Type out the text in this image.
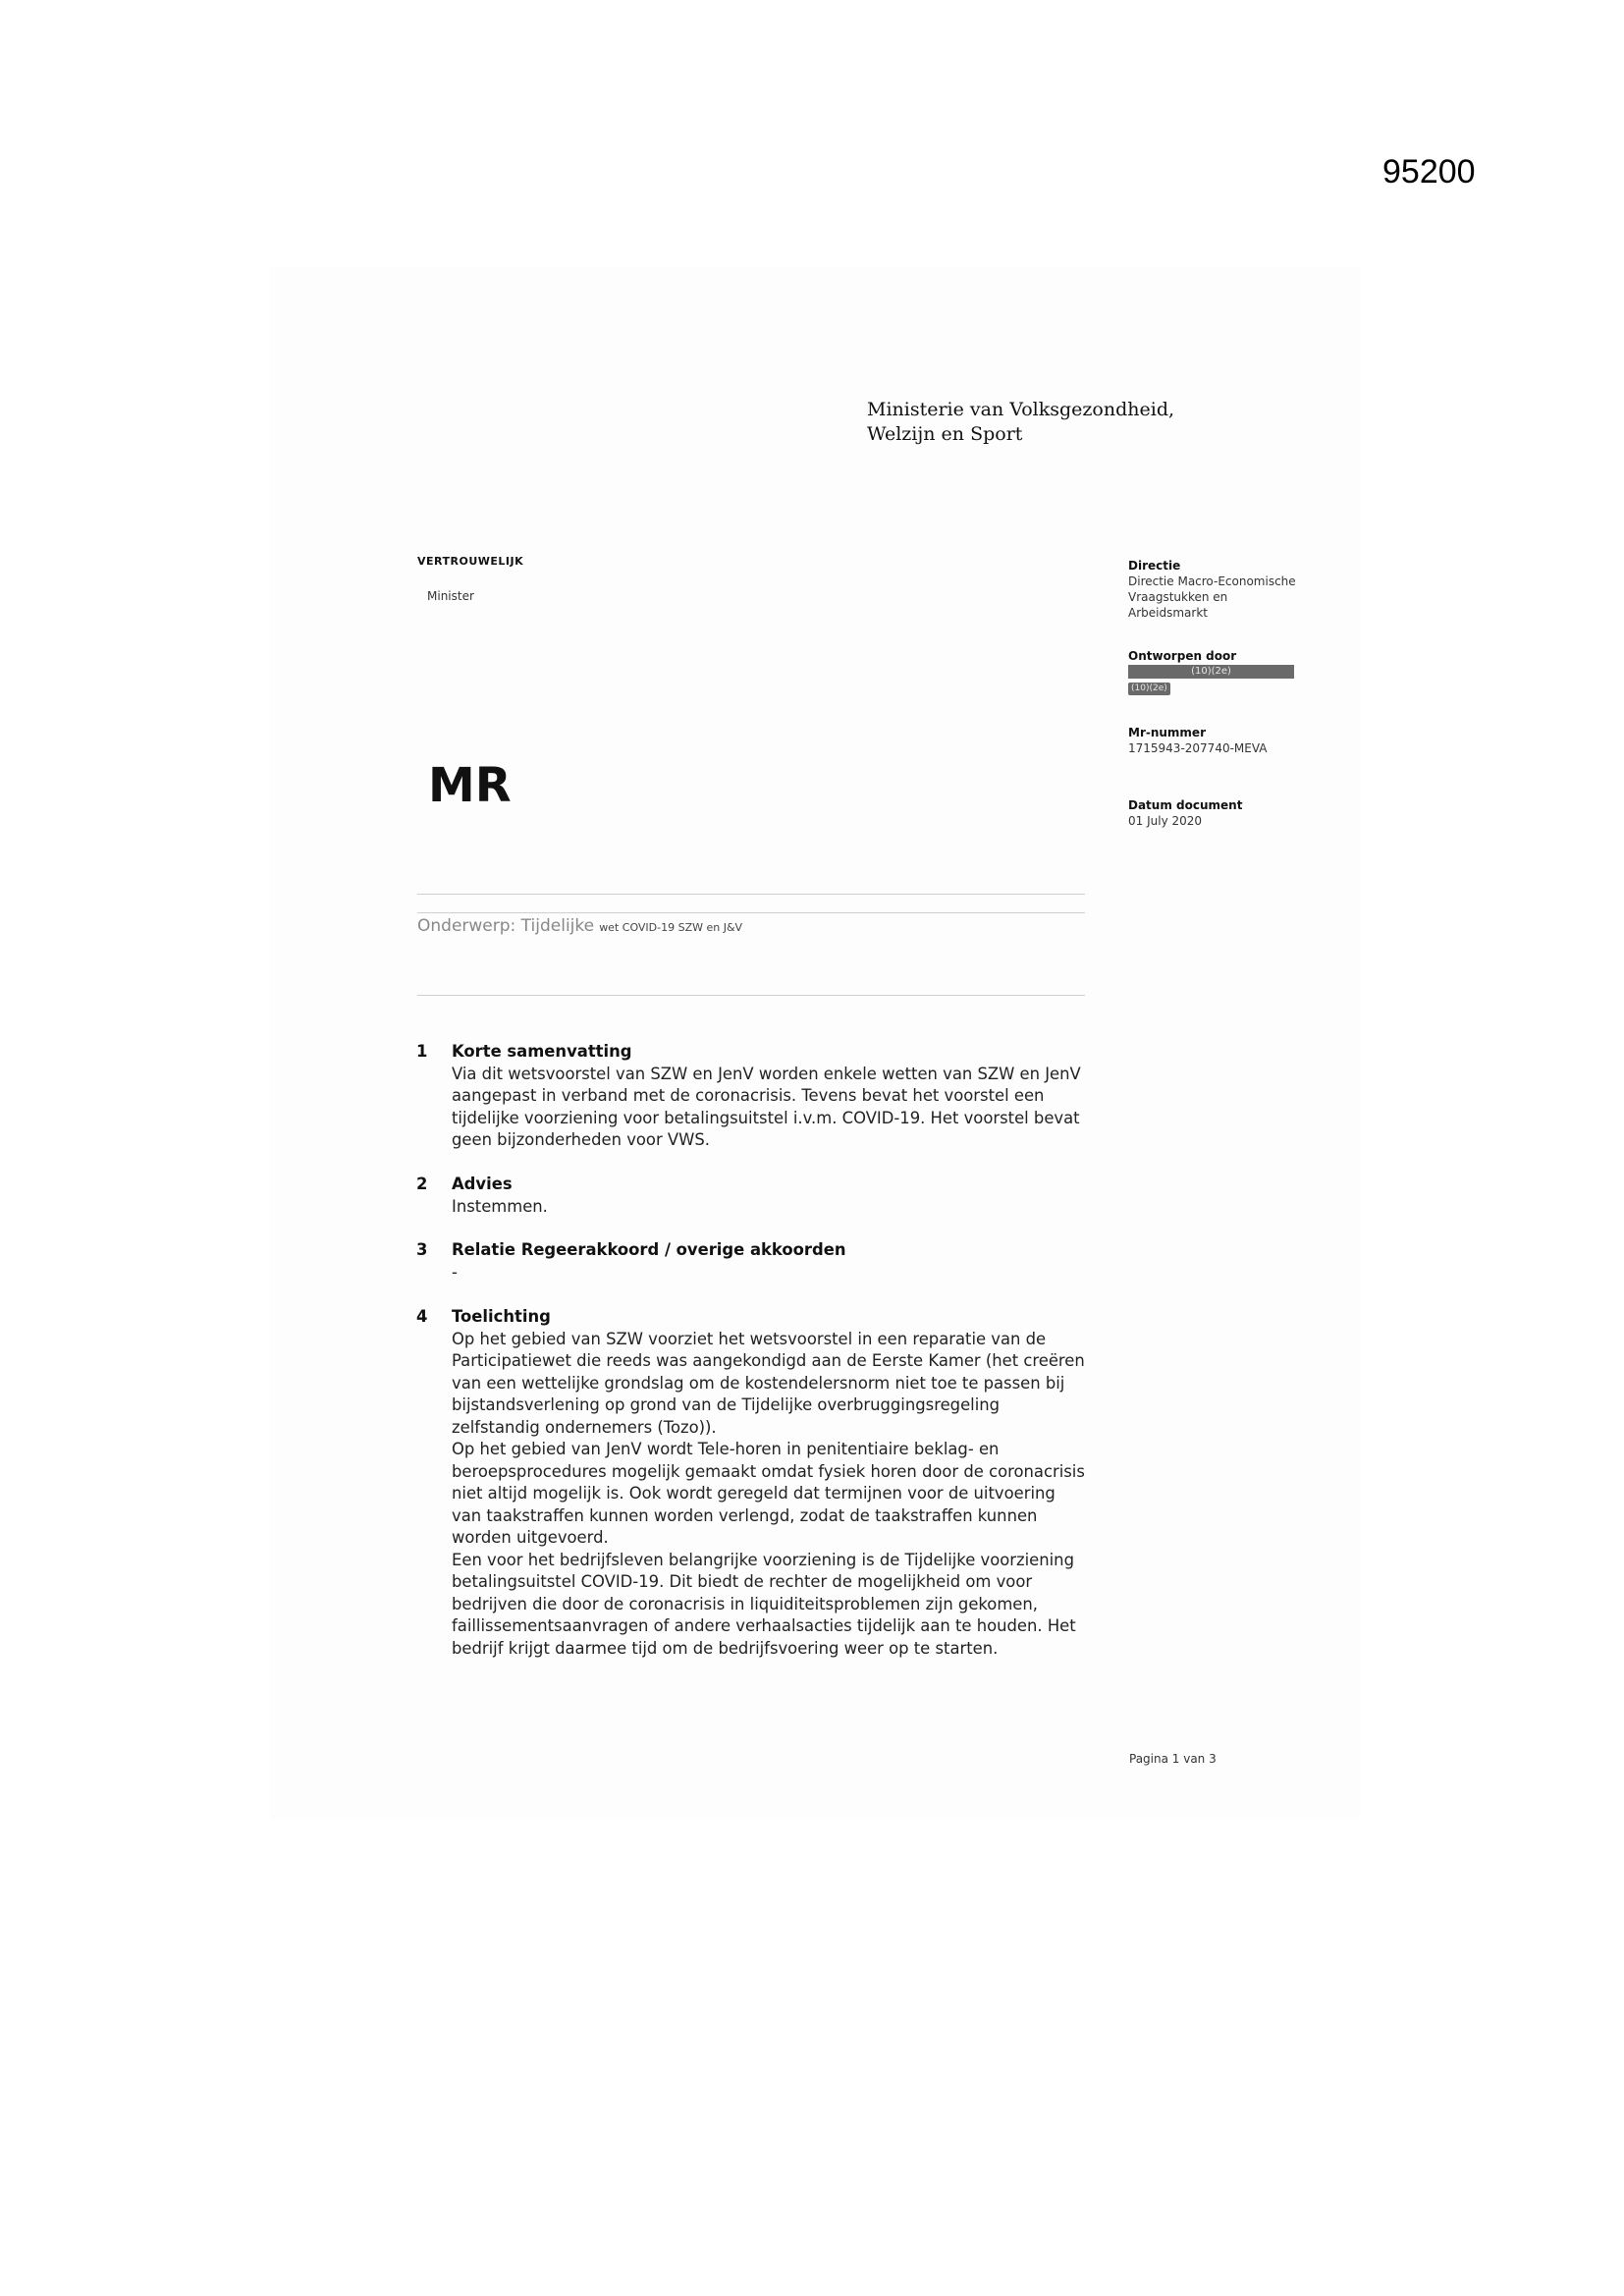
95200
Ministerie van Volksgezondheid,
Welzijn en Sport
VERTROUWELIJK
Minister
MR
Directie
Directie Macro-Economische
Vraagstukken en
Arbeidsmarkt
Ontworpen door
(10)(2e)
(10)(2e)
Mr-nummer
1715943-207740-MEVA
Datum document
01 July 2020
Onderwerp: Tijdelijke wet COVID-19 SZW en J&V
1 Korte samenvatting
Via dit wetsvoorstel van SZW en JenV worden enkele wetten van SZW en JenV
aangepast in verband met de coronacrisis. Tevens bevat het voorstel een
tijdelijke voorziening voor betalingsuitstel i.v.m. COVID-19. Het voorstel bevat
geen bijzonderheden voor VWS.
2 Advies
Instemmen.
3 Relatie Regeerakkoord / overige akkoorden
-
4 Toelichting
Op het gebied van SZW voorziet het wetsvoorstel in een reparatie van de
Participatiewet die reeds was aangekondigd aan de Eerste Kamer (het creëren
van een wettelijke grondslag om de kostendelersnorm niet toe te passen bij
bijstandsverlening op grond van de Tijdelijke overbruggingsregeling
zelfstandig ondernemers (Tozo)).
Op het gebied van JenV wordt Tele-horen in penitentiaire beklag- en
beroepsprocedures mogelijk gemaakt omdat fysiek horen door de coronacrisis
niet altijd mogelijk is. Ook wordt geregeld dat termijnen voor de uitvoering
van taakstraffen kunnen worden verlengd, zodat de taakstraffen kunnen
worden uitgevoerd.
Een voor het bedrijfsleven belangrijke voorziening is de Tijdelijke voorziening
betalingsuitstel COVID-19. Dit biedt de rechter de mogelijkheid om voor
bedrijven die door de coronacrisis in liquiditeitsproblemen zijn gekomen,
faillissementsaanvragen of andere verhaalsacties tijdelijk aan te houden. Het
bedrijf krijgt daarmee tijd om de bedrijfsvoering weer op te starten.
Pagina 1 van 3
